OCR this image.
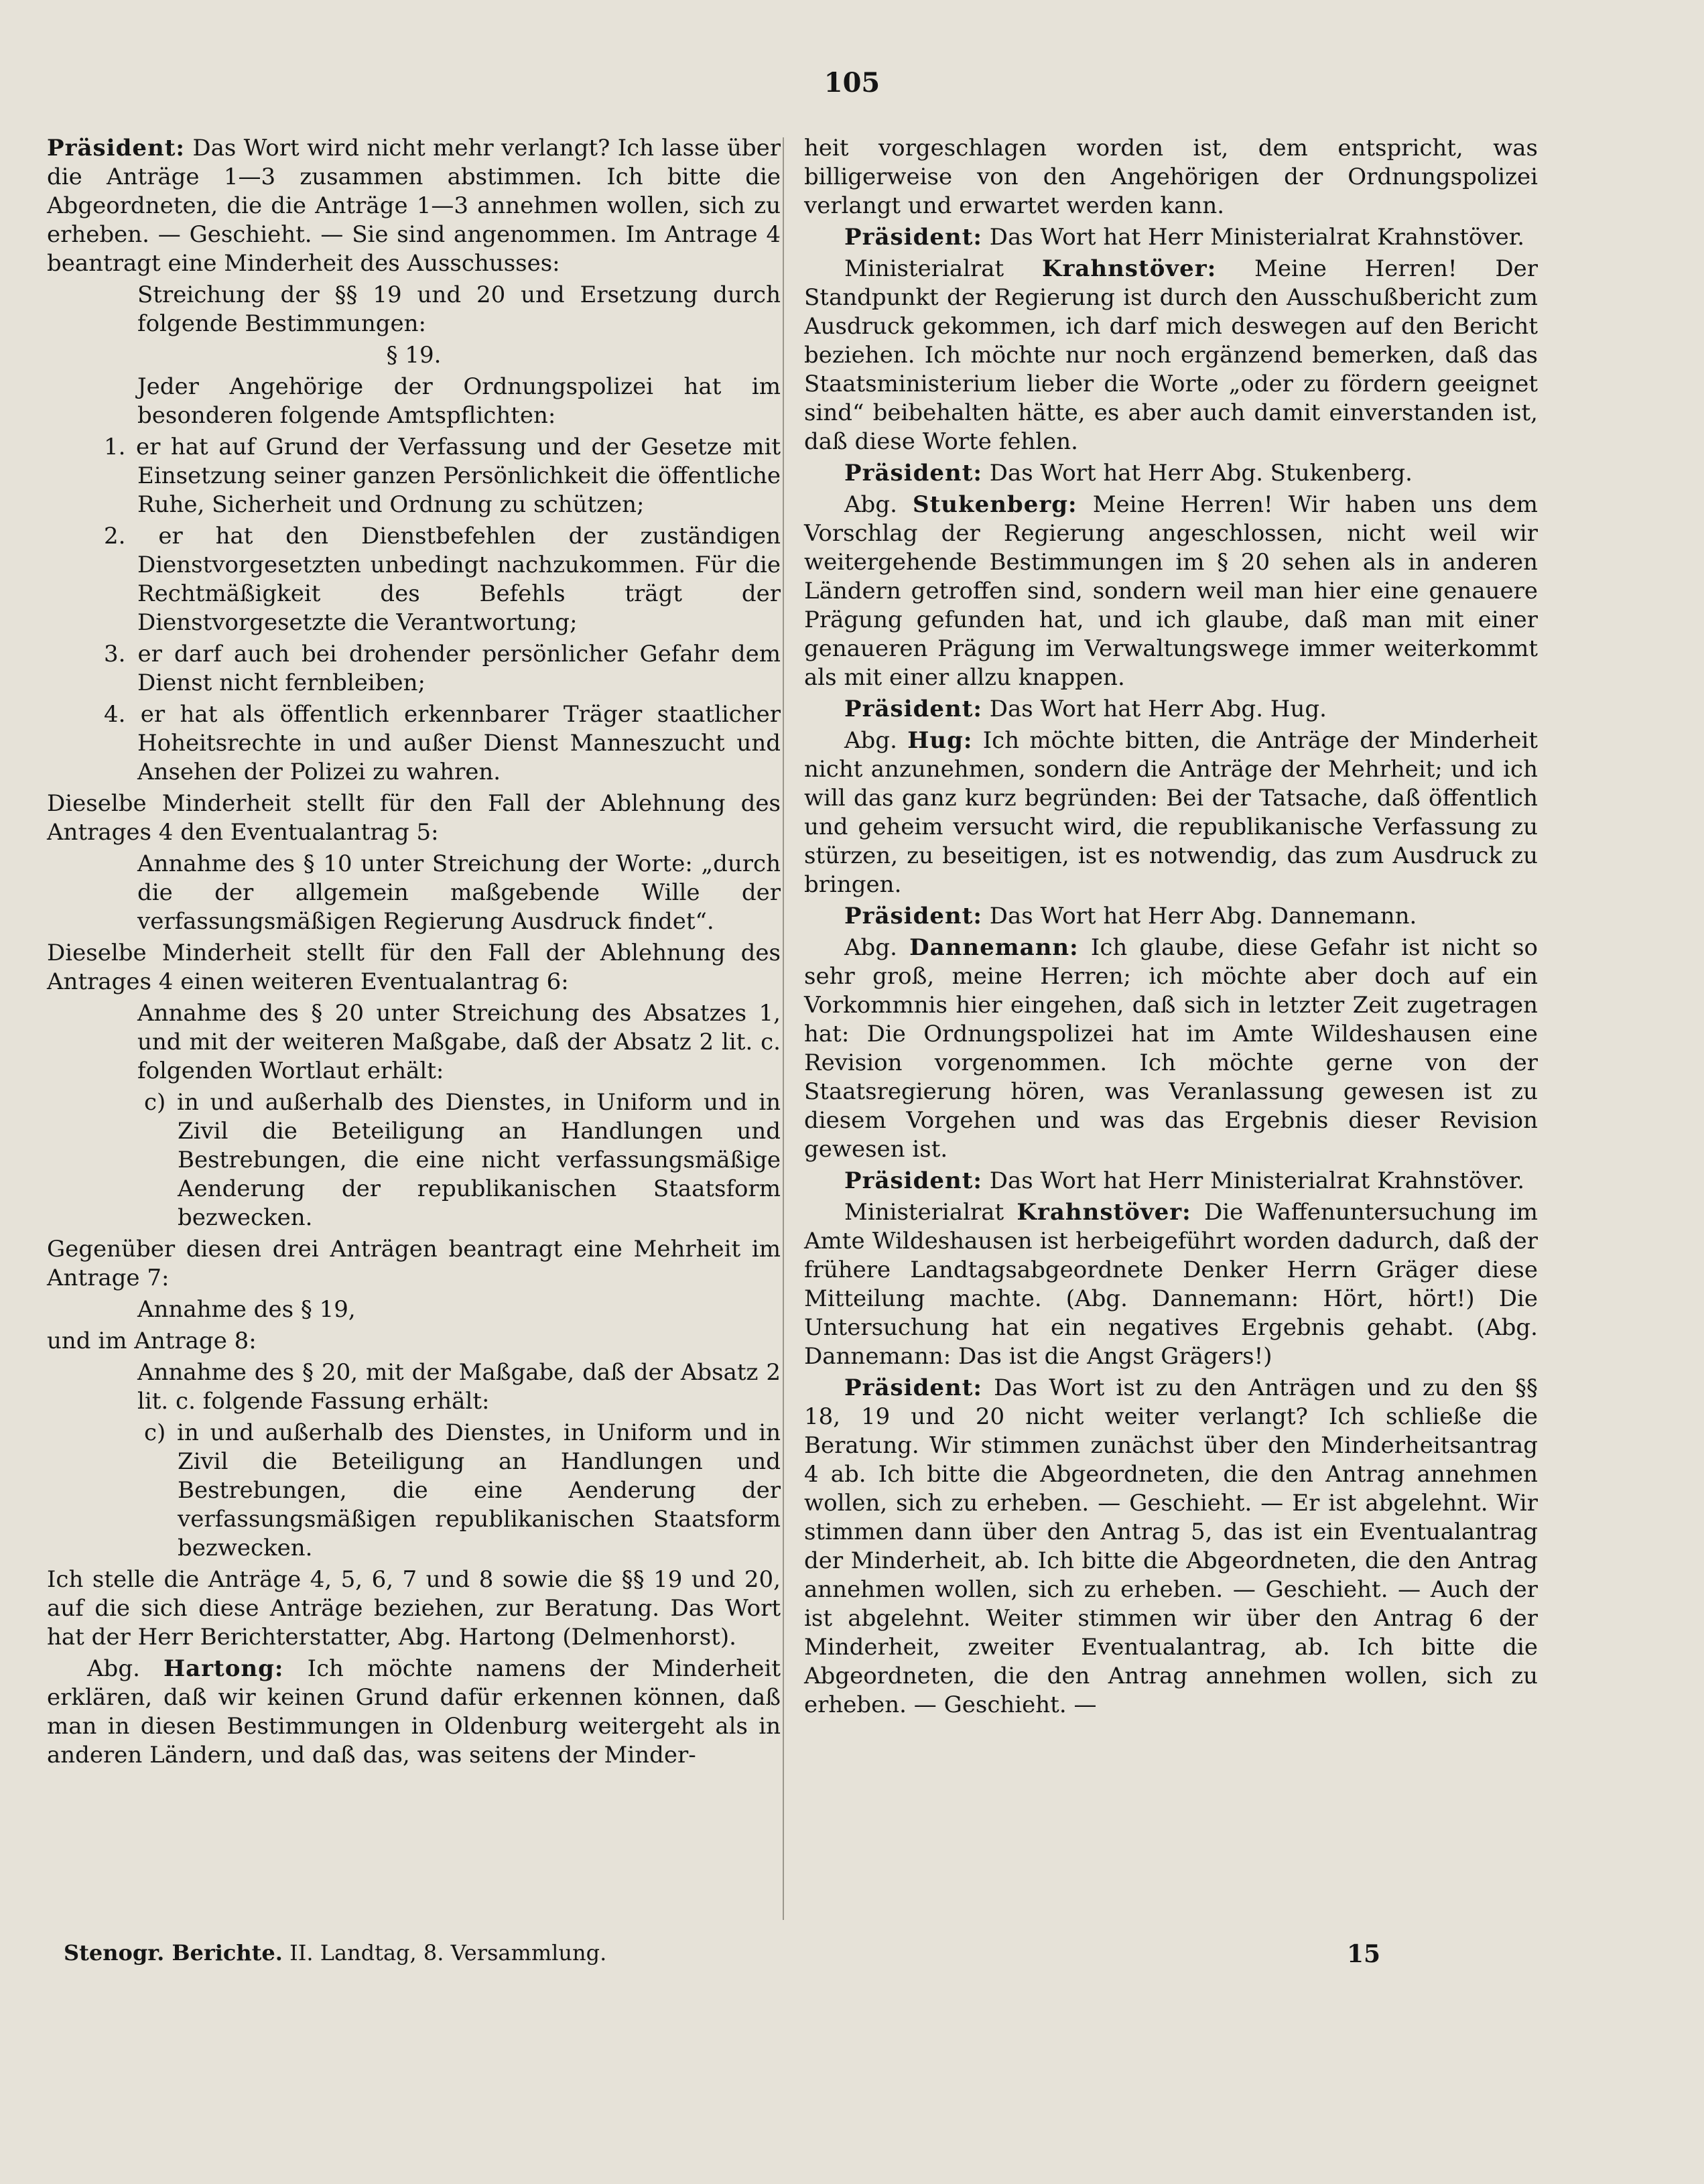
105

Präsident: Das Wort wird nicht mehr verlangt? Ich lasse über die Anträge 1—3 zusammen abstimmen. Ich bitte die Abgeordneten, die die Anträge 1—3 annehmen wollen, sich zu erheben. — Geschieht. — Sie sind angenommen. Im Antrage 4 beantragt eine Minderheit des Ausschusses:

Streichung der §§ 19 und 20 und Ersetzung durch folgende Bestimmungen:

§ 19.

Jeder Angehörige der Ordnungspolizei hat im besonderen folgende Amtspflichten:

1. er hat auf Grund der Verfassung und der Gesetze mit Einsetzung seiner ganzen Persönlichkeit die öffentliche Ruhe, Sicherheit und Ordnung zu schützen;

2. er hat den Dienstbefehlen der zuständigen Dienstvorgesetzten unbedingt nachzukommen. Für die Rechtmäßigkeit des Befehls trägt der Dienstvorgesetzte die Verantwortung;

3. er darf auch bei drohender persönlicher Gefahr dem Dienst nicht fernbleiben;

4. er hat als öffentlich erkennbarer Träger staatlicher Hoheitsrechte in und außer Dienst Manneszucht und Ansehen der Polizei zu wahren.

Dieselbe Minderheit stellt für den Fall der Ablehnung des Antrages 4 den Eventualantrag 5:

Annahme des § 10 unter Streichung der Worte: „durch die der allgemein maßgebende Wille der verfassungsmäßigen Regierung Ausdruck findet“.

Dieselbe Minderheit stellt für den Fall der Ablehnung des Antrages 4 einen weiteren Eventualantrag 6:

Annahme des § 20 unter Streichung des Absatzes 1, und mit der weiteren Maßgabe, daß der Absatz 2 lit. c. folgenden Wortlaut erhält:

c) in und außerhalb des Dienstes, in Uniform und in Zivil die Beteiligung an Handlungen und Bestrebungen, die eine nicht verfassungsmäßige Aenderung der republikanischen Staatsform bezwecken.

Gegenüber diesen drei Anträgen beantragt eine Mehrheit im Antrage 7:

Annahme des § 19,

und im Antrage 8:

Annahme des § 20, mit der Maßgabe, daß der Absatz 2 lit. c. folgende Fassung erhält:

c) in und außerhalb des Dienstes, in Uniform und in Zivil die Beteiligung an Handlungen und Bestrebungen, die eine Aenderung der verfassungsmäßigen republikanischen Staatsform bezwecken.

Ich stelle die Anträge 4, 5, 6, 7 und 8 sowie die §§ 19 und 20, auf die sich diese Anträge beziehen, zur Beratung. Das Wort hat der Herr Berichterstatter, Abg. Hartong (Delmenhorst).

Abg. Hartong: Ich möchte namens der Minderheit erklären, daß wir keinen Grund dafür erkennen können, daß man in diesen Bestimmungen in Oldenburg weitergeht als in anderen Ländern, und daß das, was seitens der Minder-

heit vorgeschlagen worden ist, dem entspricht, was billigerweise von den Angehörigen der Ordnungspolizei verlangt und erwartet werden kann.

Präsident: Das Wort hat Herr Ministerialrat Krahnstöver.

Ministerialrat Krahnstöver: Meine Herren! Der Standpunkt der Regierung ist durch den Ausschußbericht zum Ausdruck gekommen, ich darf mich deswegen auf den Bericht beziehen. Ich möchte nur noch ergänzend bemerken, daß das Staatsministerium lieber die Worte „oder zu fördern geeignet sind“ beibehalten hätte, es aber auch damit einverstanden ist, daß diese Worte fehlen.

Präsident: Das Wort hat Herr Abg. Stukenberg.

Abg. Stukenberg: Meine Herren! Wir haben uns dem Vorschlag der Regierung angeschlossen, nicht weil wir weitergehende Bestimmungen im § 20 sehen als in anderen Ländern getroffen sind, sondern weil man hier eine genauere Prägung gefunden hat, und ich glaube, daß man mit einer genaueren Prägung im Verwaltungswege immer weiterkommt als mit einer allzu knappen.

Präsident: Das Wort hat Herr Abg. Hug.

Abg. Hug: Ich möchte bitten, die Anträge der Minderheit nicht anzunehmen, sondern die Anträge der Mehrheit; und ich will das ganz kurz begründen: Bei der Tatsache, daß öffentlich und geheim versucht wird, die republikanische Verfassung zu stürzen, zu beseitigen, ist es notwendig, das zum Ausdruck zu bringen.

Präsident: Das Wort hat Herr Abg. Dannemann.

Abg. Dannemann: Ich glaube, diese Gefahr ist nicht so sehr groß, meine Herren; ich möchte aber doch auf ein Vorkommnis hier eingehen, daß sich in letzter Zeit zugetragen hat: Die Ordnungspolizei hat im Amte Wildeshausen eine Revision vorgenommen. Ich möchte gerne von der Staatsregierung hören, was Veranlassung gewesen ist zu diesem Vorgehen und was das Ergebnis dieser Revision gewesen ist.

Präsident: Das Wort hat Herr Ministerialrat Krahnstöver.

Ministerialrat Krahnstöver: Die Waffenuntersuchung im Amte Wildeshausen ist herbeigeführt worden dadurch, daß der frühere Landtagsabgeordnete Denker Herrn Gräger diese Mitteilung machte. (Abg. Dannemann: Hört, hört!) Die Untersuchung hat ein negatives Ergebnis gehabt. (Abg. Dannemann: Das ist die Angst Grägers!)

Präsident: Das Wort ist zu den Anträgen und zu den §§ 18, 19 und 20 nicht weiter verlangt? Ich schließe die Beratung. Wir stimmen zunächst über den Minderheitsantrag 4 ab. Ich bitte die Abgeordneten, die den Antrag annehmen wollen, sich zu erheben. — Geschieht. — Er ist abgelehnt. Wir stimmen dann über den Antrag 5, das ist ein Eventualantrag der Minderheit, ab. Ich bitte die Abgeordneten, die den Antrag annehmen wollen, sich zu erheben. — Geschieht. — Auch der ist abgelehnt. Weiter stimmen wir über den Antrag 6 der Minderheit, zweiter Eventualantrag, ab. Ich bitte die Abgeordneten, die den Antrag annehmen wollen, sich zu erheben. — Geschieht. —

Stenogr. Berichte. II. Landtag, 8. Versammlung.	15
